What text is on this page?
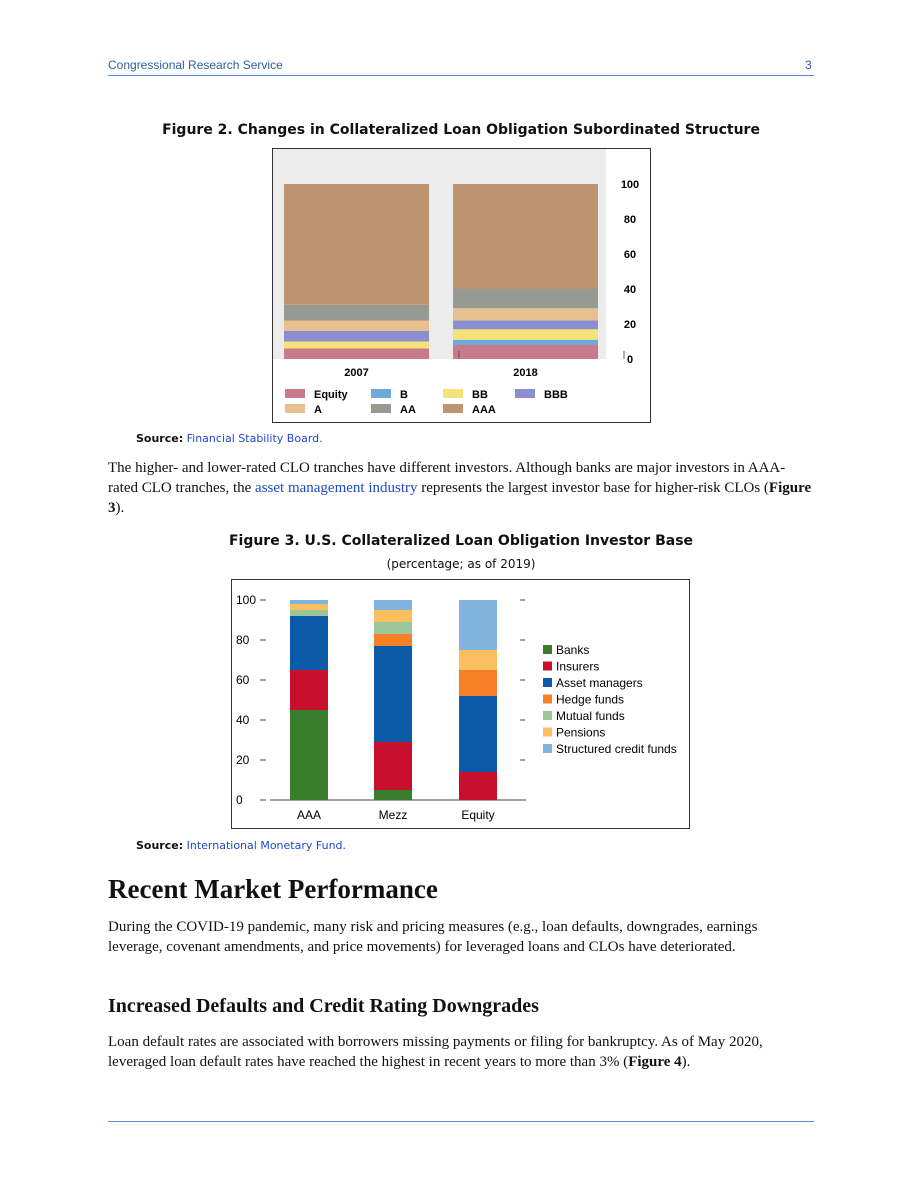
Congressional Research Service	3
Figure 2. Changes in Collateralized Loan Obligation Subordinated Structure
2007	2018
0
20
40
60
80
100
Equity	B	BB	BBB
A	AA	AAA
Source: Financial Stability Board.
The higher- and lower-rated CLO tranches have different investors. Although banks are major investors in AAA-rated CLO tranches, the asset management industry represents the largest investor base for higher-risk CLOs (Figure 3).
Figure 3. U.S. Collateralized Loan Obligation Investor Base
(percentage; as of 2019)
0
20
40
60
80
100
AAA	Mezz	Equity
Banks
Insurers
Asset managers
Hedge funds
Mutual funds
Pensions
Structured credit funds
Source: International Monetary Fund.
Recent Market Performance
During the COVID-19 pandemic, many risk and pricing measures (e.g., loan defaults, downgrades, earnings leverage, covenant amendments, and price movements) for leveraged loans and CLOs have deteriorated.
Increased Defaults and Credit Rating Downgrades
Loan default rates are associated with borrowers missing payments or filing for bankruptcy. As of May 2020, leveraged loan default rates have reached the highest in recent years to more than 3% (Figure 4).
